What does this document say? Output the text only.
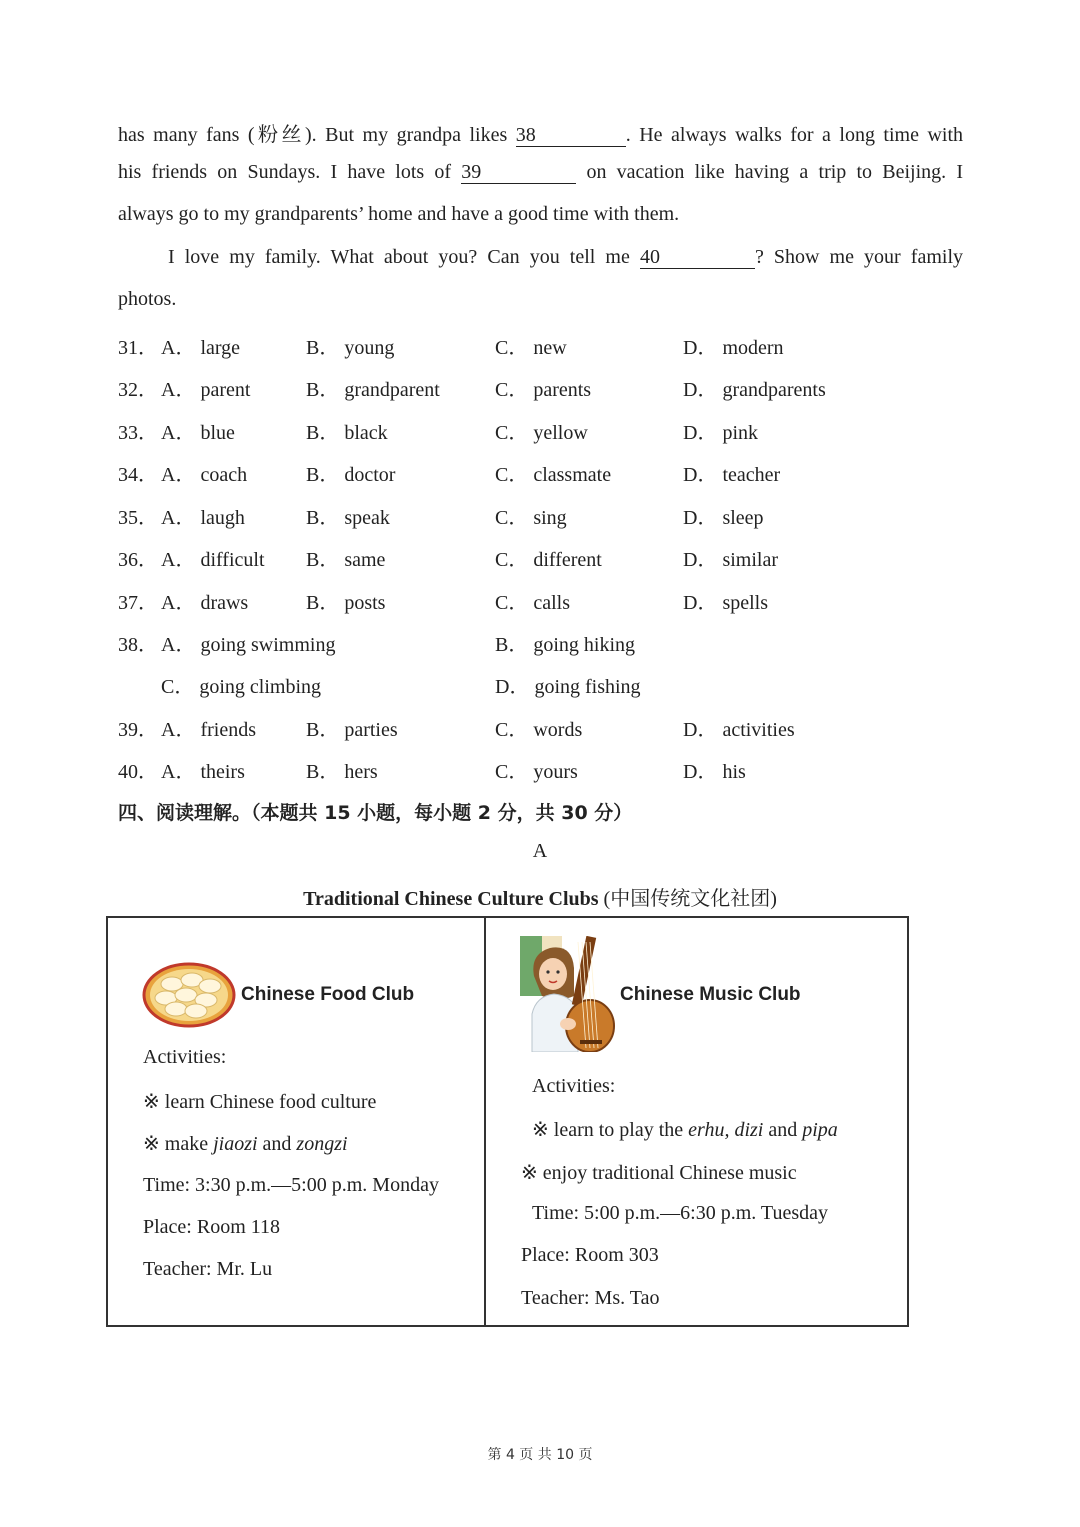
has many fans (粉丝). But my grandpa likes 38	. He always walks for a long time with
his friends on Sundays. I have lots of 39	on vacation like having a trip to Beijing. I
always go to my grandparents’ home and have a good time with them.
I love my family. What about you? Can you tell me 40	? Show me your family
photos.
31． A． large	B． young	C． new	D． modern
32． A． parent	B． grandparent	C． parents	D． grandparents
33． A． blue	B． black	C． yellow	D． pink
34． A． coach	B． doctor	C． classmate	D． teacher
35． A． laugh	B． speak	C． sing	D． sleep
36． A． difficult B． same	C． different	D． similar
37． A． draws	B． posts	C． calls	D． spells
38． A． going swimming	B． going hiking
C． going climbing	D． going fishing
39． A． friends	B． parties	C． words	D． activities
40． A． theirs	B． hers	C． yours	D． his
四、阅读理解。（本题共 15 小题，每小题 2 分，共 30 分）
A
Traditional Chinese Culture Clubs (中国传统文化社团)
Chinese Food Club
Activities:
※ learn Chinese food culture
※ make jiaozi and zongzi
Time: 3:30 p.m.—5:00 p.m. Monday
Place: Room 118
Teacher: Mr. Lu
Chinese Music Club
Activities:
※ learn to play the erhu, dizi and pipa
※ enjoy traditional Chinese music
Time: 5:00 p.m.—6:30 p.m. Tuesday
Place: Room 303
Teacher: Ms. Tao
第 4 页 共 10 页
